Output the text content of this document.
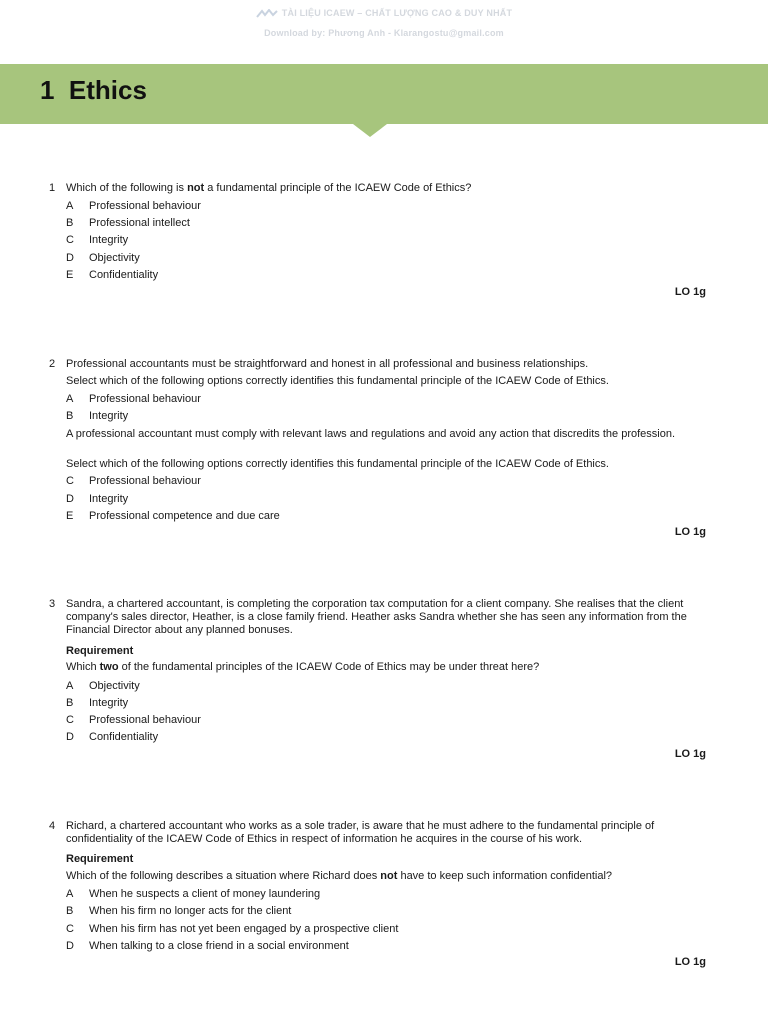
TÀI LIỆU ICAEW – CHẤT LƯỢNG CAO & DUY NHẤT
Download by: Phương Anh - Klarangostu@gmail.com
1 Ethics
1 Which of the following is not a fundamental principle of the ICAEW Code of Ethics?
A	Professional behaviour
B	Professional intellect
C	Integrity
D	Objectivity
E	Confidentiality
LO 1g
2 Professional accountants must be straightforward and honest in all professional and business relationships.
Select which of the following options correctly identifies this fundamental principle of the ICAEW Code of Ethics.
A	Professional behaviour
B	Integrity
A professional accountant must comply with relevant laws and regulations and avoid any action that discredits the profession.
Select which of the following options correctly identifies this fundamental principle of the ICAEW Code of Ethics.
C	Professional behaviour
D	Integrity
E	Professional competence and due care
LO 1g
3 Sandra, a chartered accountant, is completing the corporation tax computation for a client company. She realises that the client company's sales director, Heather, is a close family friend. Heather asks Sandra whether she has seen any information from the Financial Director about any planned bonuses.
Requirement
Which two of the fundamental principles of the ICAEW Code of Ethics may be under threat here?
A	Objectivity
B	Integrity
C	Professional behaviour
D	Confidentiality
LO 1g
4 Richard, a chartered accountant who works as a sole trader, is aware that he must adhere to the fundamental principle of confidentiality of the ICAEW Code of Ethics in respect of information he acquires in the course of his work.
Requirement
Which of the following describes a situation where Richard does not have to keep such information confidential?
A	When he suspects a client of money laundering
B	When his firm no longer acts for the client
C	When his firm has not yet been engaged by a prospective client
D	When talking to a close friend in a social environment
LO 1g
